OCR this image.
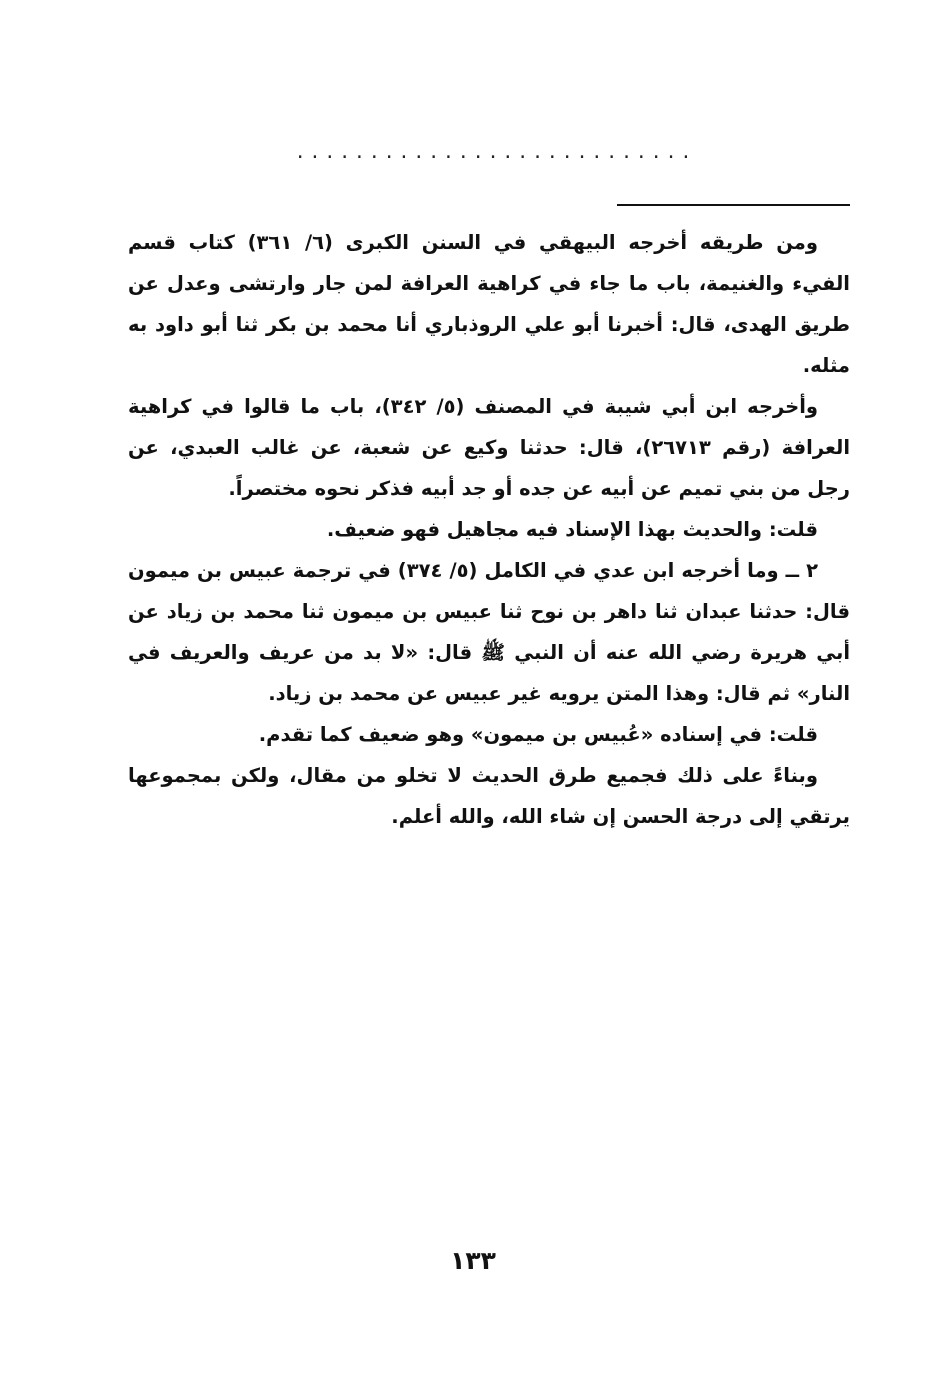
...........................

ومن طريقه أخرجه البيهقي في السنن الكبرى (٦/ ٣٦١) كتاب قسم الفيء والغنيمة، باب ما جاء في كراهية العرافة لمن جار وارتشى وعدل عن طريق الهدى، قال: أخبرنا أبو علي الروذباري أنا محمد بن بكر ثنا أبو داود به مثله.

وأخرجه ابن أبي شيبة في المصنف (٥/ ٣٤٢)، باب ما قالوا في كراهية العرافة (رقم ٢٦٧١٣)، قال: حدثنا وكيع عن شعبة، عن غالب العبدي، عن رجل من بني تميم عن أبيه عن جده أو جد أبيه فذكر نحوه مختصراً.

قلت: والحديث بهذا الإسناد فيه مجاهيل فهو ضعيف.

٢ ــ وما أخرجه ابن عدي في الكامل (٥/ ٣٧٤) في ترجمة عبيس بن ميمون قال: حدثنا عبدان ثنا داهر بن نوح ثنا عبيس بن ميمون ثنا محمد بن زياد عن أبي هريرة رضي الله عنه أن النبي ﷺ قال: «لا بد من عريف والعريف في النار» ثم قال: وهذا المتن يرويه غير عبيس عن محمد بن زياد.

قلت: في إسناده «عُبيس بن ميمون» وهو ضعيف كما تقدم.

وبناءً على ذلك فجميع طرق الحديث لا تخلو من مقال، ولكن بمجموعها يرتقي إلى درجة الحسن إن شاء الله، والله أعلم.

١٣٣
